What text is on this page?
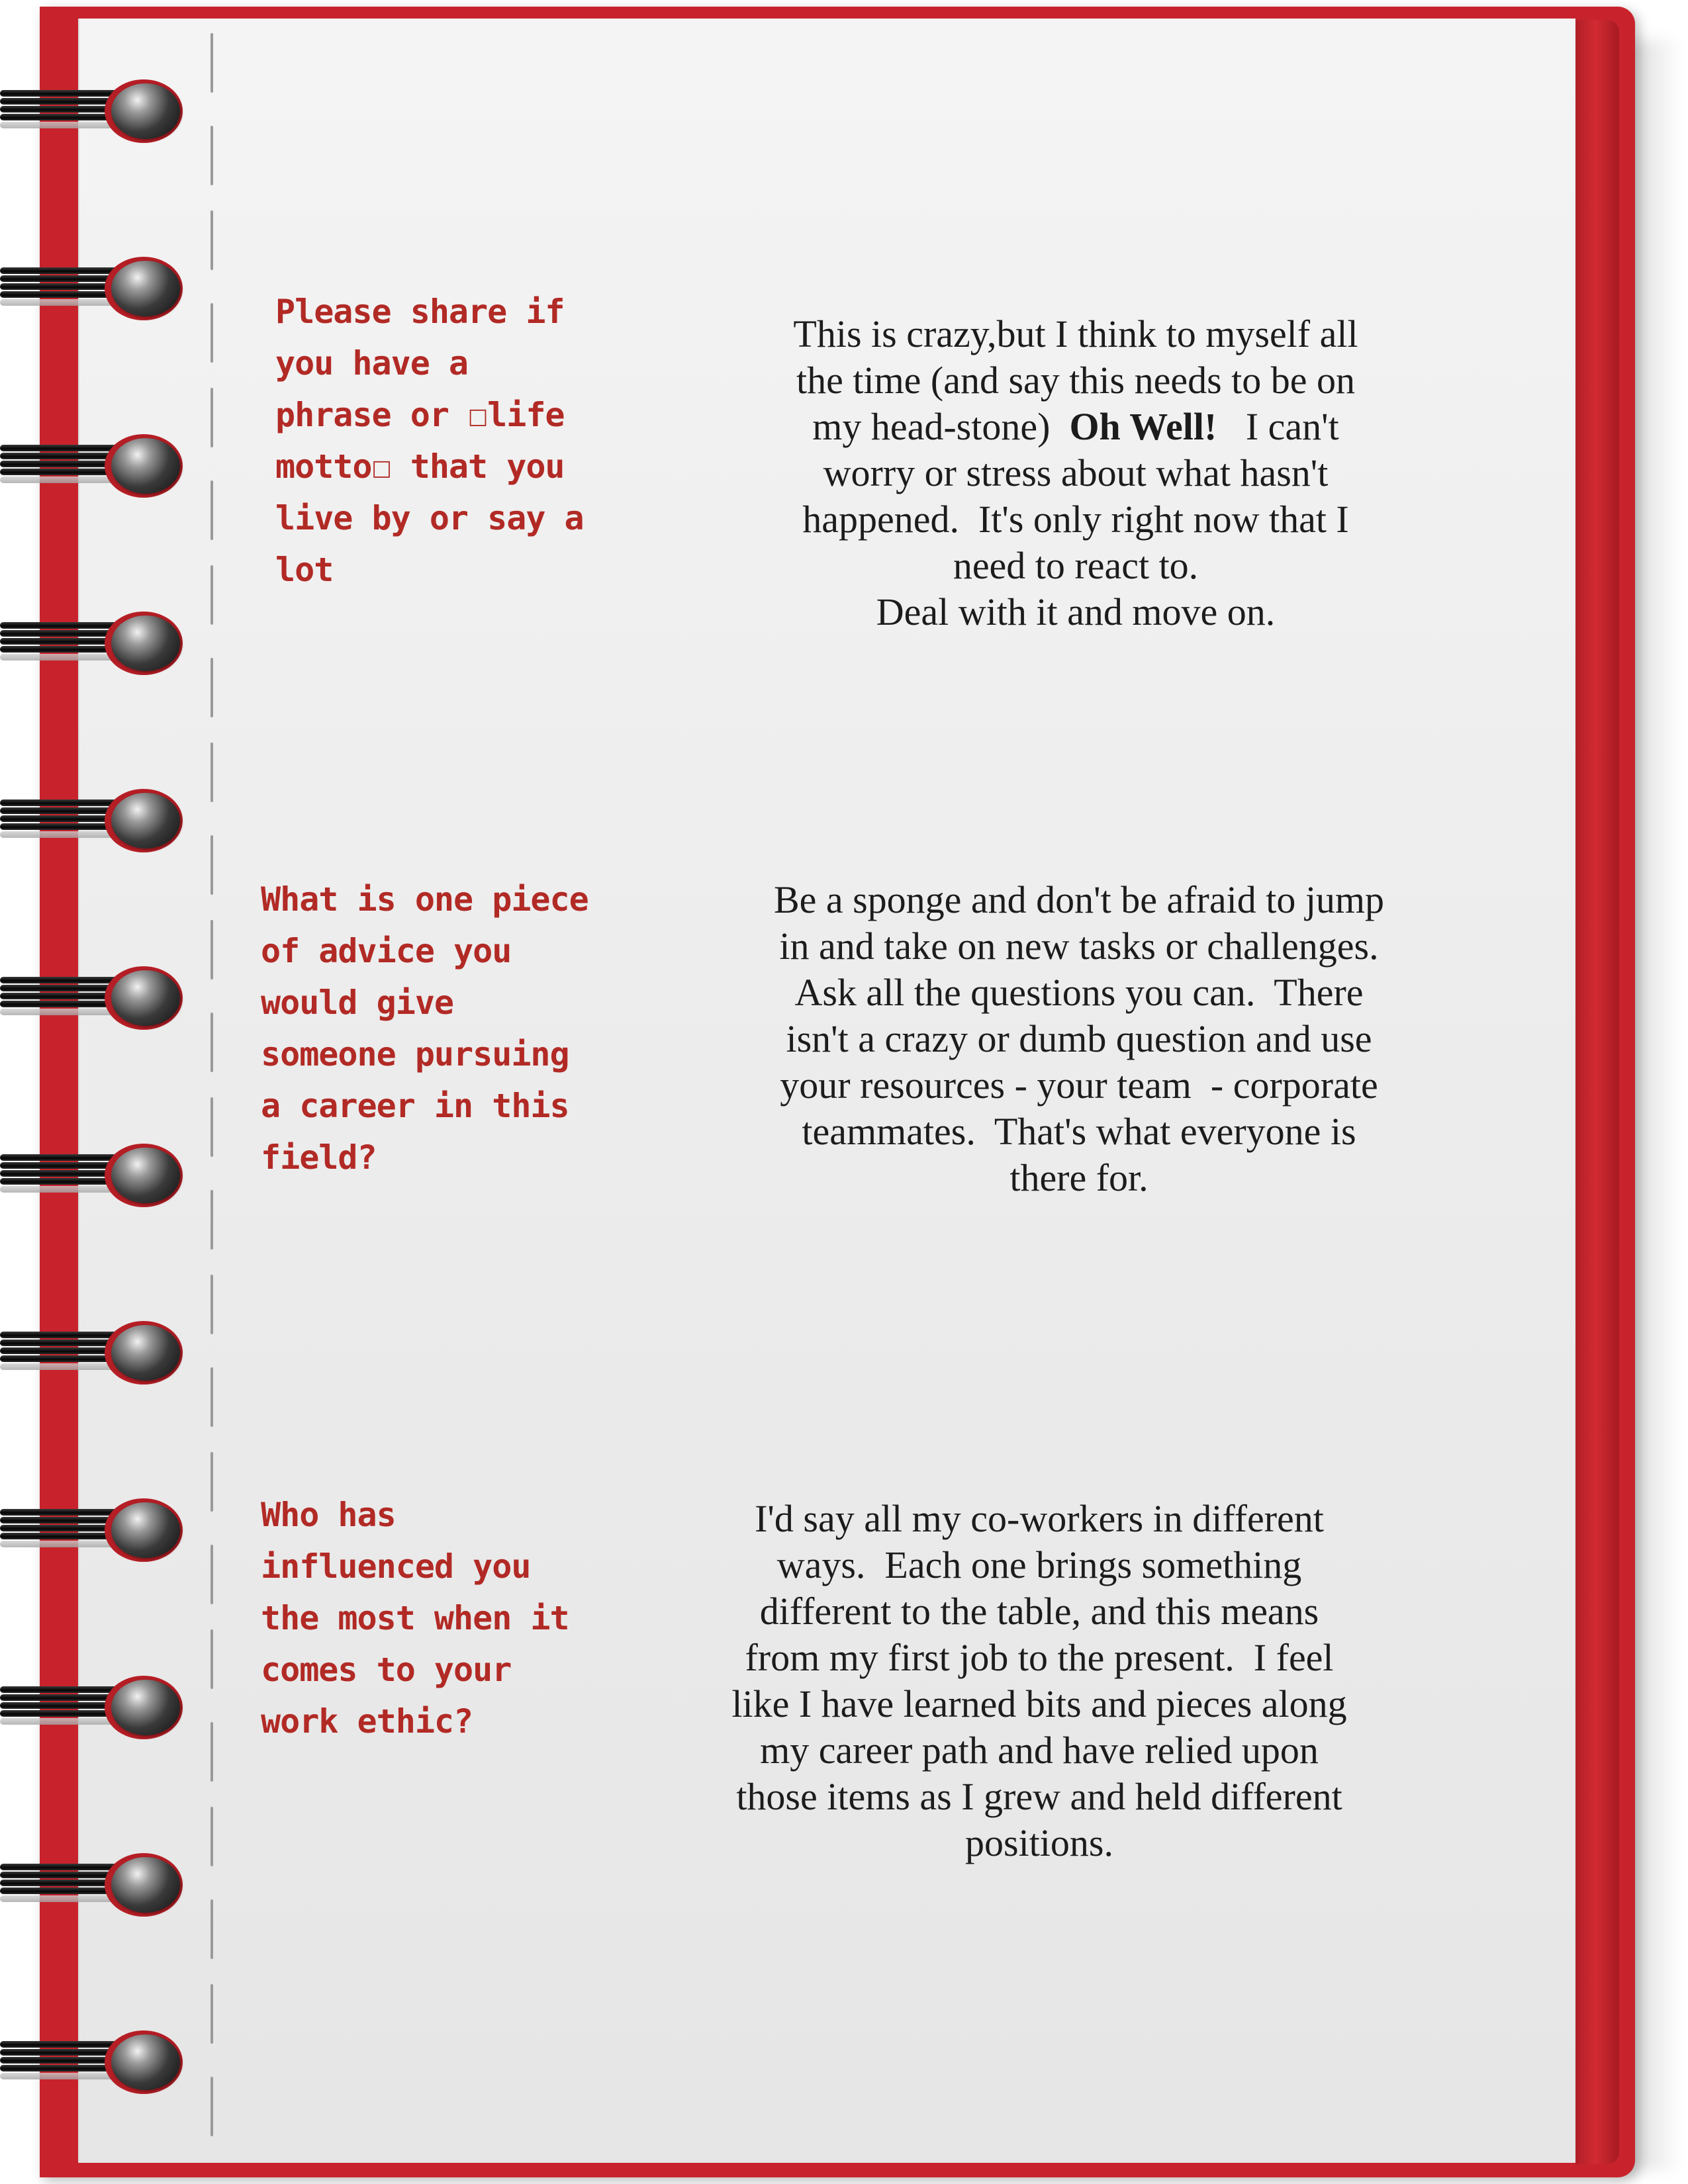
Please share if
you have a
phrase or ☐life
motto☐ that you
live by or say a
lot
This is crazy,but I think to myself all
the time (and say this needs to be on
my head-stone)  Oh Well!   I can't
worry or stress about what hasn't
happened.  It's only right now that I
need to react to.
Deal with it and move on.
What is one piece
of advice you
would give
someone pursuing
a career in this
field?
Be a sponge and don't be afraid to jump
in and take on new tasks or challenges.
Ask all the questions you can.  There
isn't a crazy or dumb question and use
your resources - your team  - corporate
teammates.  That's what everyone is
there for.
Who has
influenced you
the most when it
comes to your
work ethic?
I'd say all my co-workers in different
ways.  Each one brings something
different to the table, and this means
from my first job to the present.  I feel
like I have learned bits and pieces along
my career path and have relied upon
those items as I grew and held different
positions.
